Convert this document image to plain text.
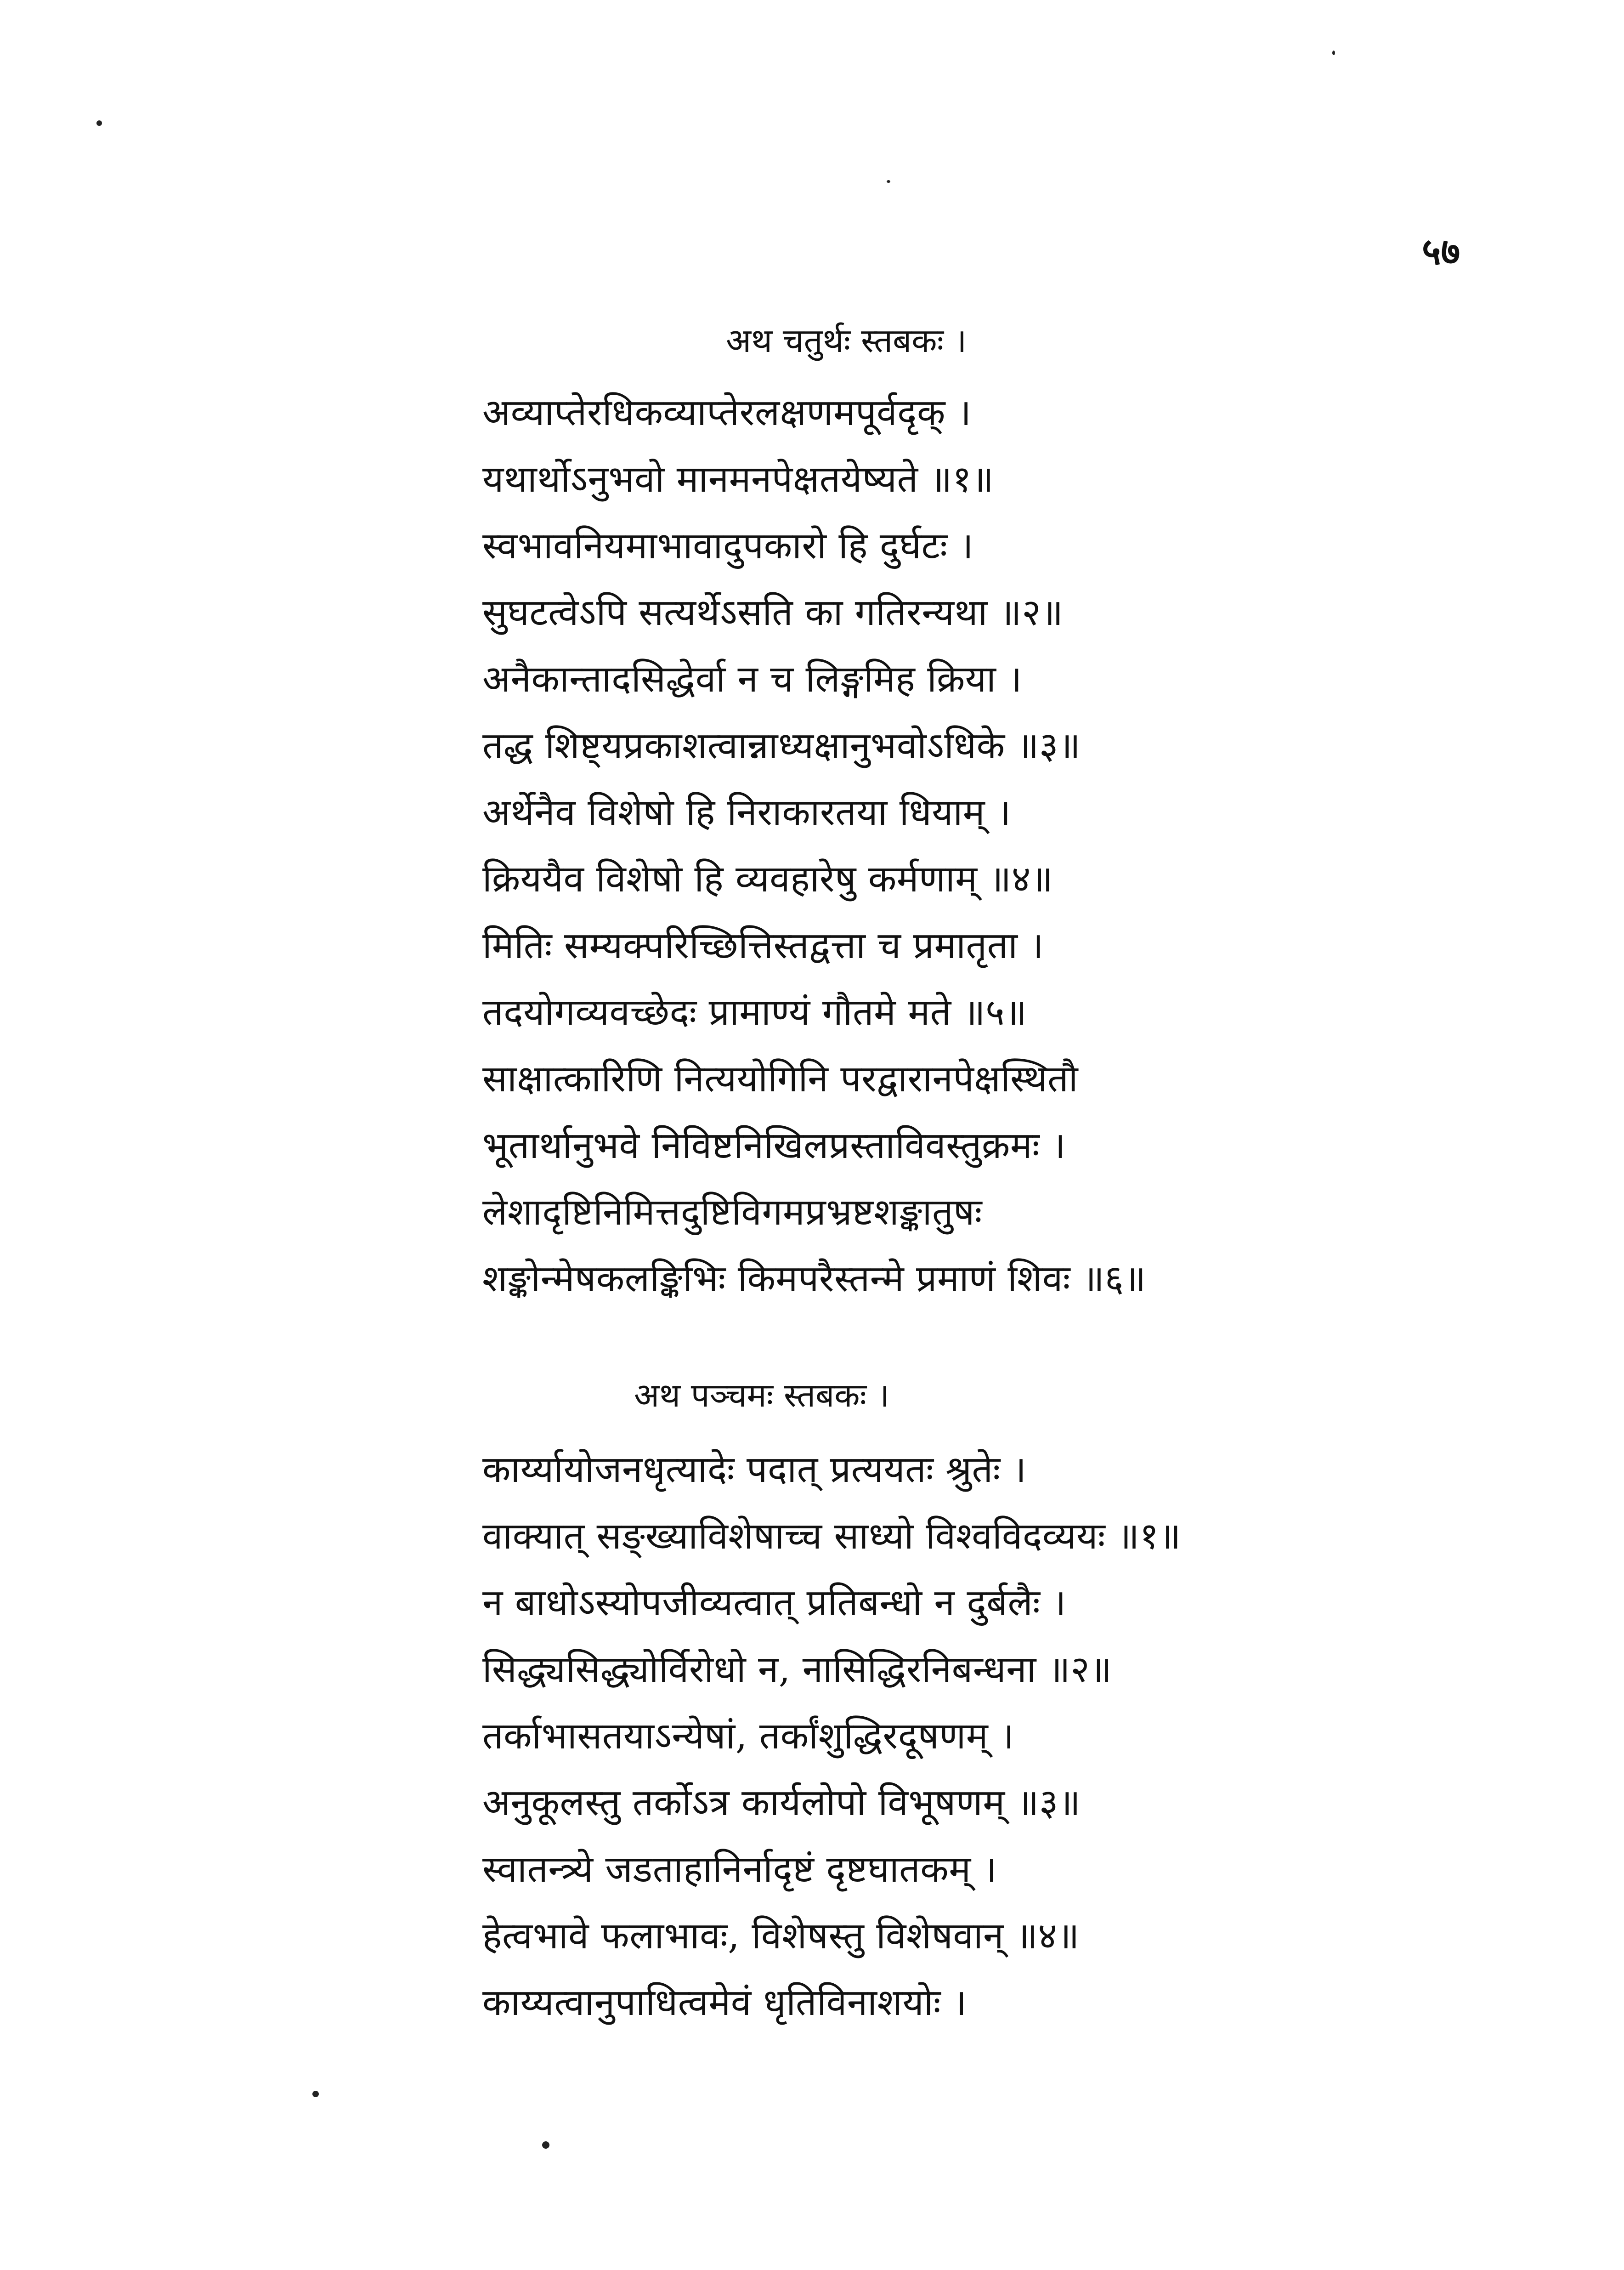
५७
अथ चतुर्थः स्तबकः ।
अव्याप्तेरधिकव्याप्तेरलक्षणमपूर्वदृक् ।
यथार्थोऽनुभवो मानमनपेक्षतयेष्यते ॥१॥
स्वभावनियमाभावादुपकारो हि दुर्घटः ।
सुघटत्वेऽपि सत्यर्थेऽसति का गतिरन्यथा ॥२॥
अनैकान्तादसिद्धेर्वा न च लिङ्गमिह क्रिया ।
तद्ध शिष्ट्यप्रकाशत्वान्नाध्यक्षानुभवोऽधिके ॥३॥
अर्थेनैव विशेषो हि निराकारतया धियाम् ।
क्रिययैव विशेषो हि व्यवहारेषु कर्मणाम् ॥४॥
मितिः सम्यक्परिच्छित्तिस्तद्वत्ता च प्रमातृता ।
तदयोगव्यवच्छेदः प्रामाण्यं गौतमे मते ॥५॥
साक्षात्कारिणि नित्ययोगिनि परद्वारानपेक्षस्थितौ
भूतार्थानुभवे निविष्टनिखिलप्रस्ताविवस्तुक्रमः ।
लेशादृष्टिनिमित्तदुष्टिविगमप्रभ्रष्टशङ्कातुषः
शङ्कोन्मेषकलङ्किभिः किमपरैस्तन्मे प्रमाणं शिवः ॥६॥
अथ पञ्चमः स्तबकः ।
कार्य्यायोजनधृत्यादेः पदात् प्रत्ययतः श्रुतेः ।
वाक्यात् सङ्ख्याविशेषाच्च साध्यो विश्वविदव्ययः ॥१॥
न बाधोऽस्योपजीव्यत्वात् प्रतिबन्धो न दुर्बलैः ।
सिद्ध्यसिद्ध्योर्विरोधो न, नासिद्धिरनिबन्धना ॥२॥
तर्काभासतयाऽन्येषां, तर्कांशुद्धिरदूषणम् ।
अनुकूलस्तु तर्कोऽत्र कार्यलोपो विभूषणम् ॥३॥
स्वातन्त्र्ये जडताहानिर्नादृष्टं दृष्टघातकम् ।
हेत्वभावे फलाभावः, विशेषस्तु विशेषवान् ॥४॥
काय्यत्वानुपाधित्वमेवं धृतिविनाशयोः ।
